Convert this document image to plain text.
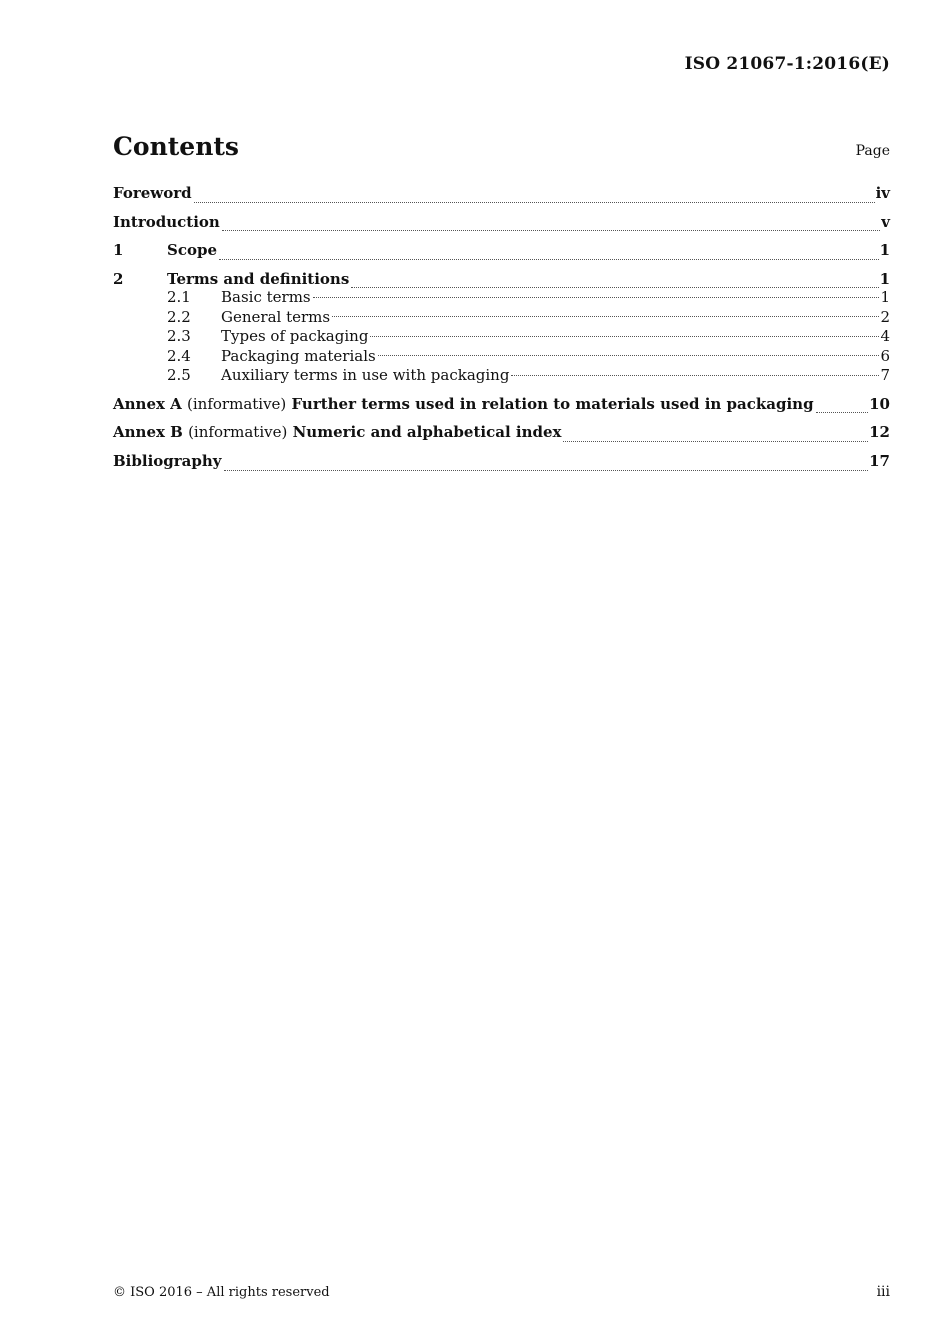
ISO 21067-1:2016(E)
Contents	Page
Foreword	iv
Introduction	v
1	Scope	1
2	Terms and definitions	1
2.1	Basic terms	1
2.2	General terms	2
2.3	Types of packaging	4
2.4	Packaging materials	6
2.5	Auxiliary terms in use with packaging	7
Annex A (informative) Further terms used in relation to materials used in packaging	10
Annex B (informative) Numeric and alphabetical index	12
Bibliography	17
© ISO 2016 – All rights reserved	iii
